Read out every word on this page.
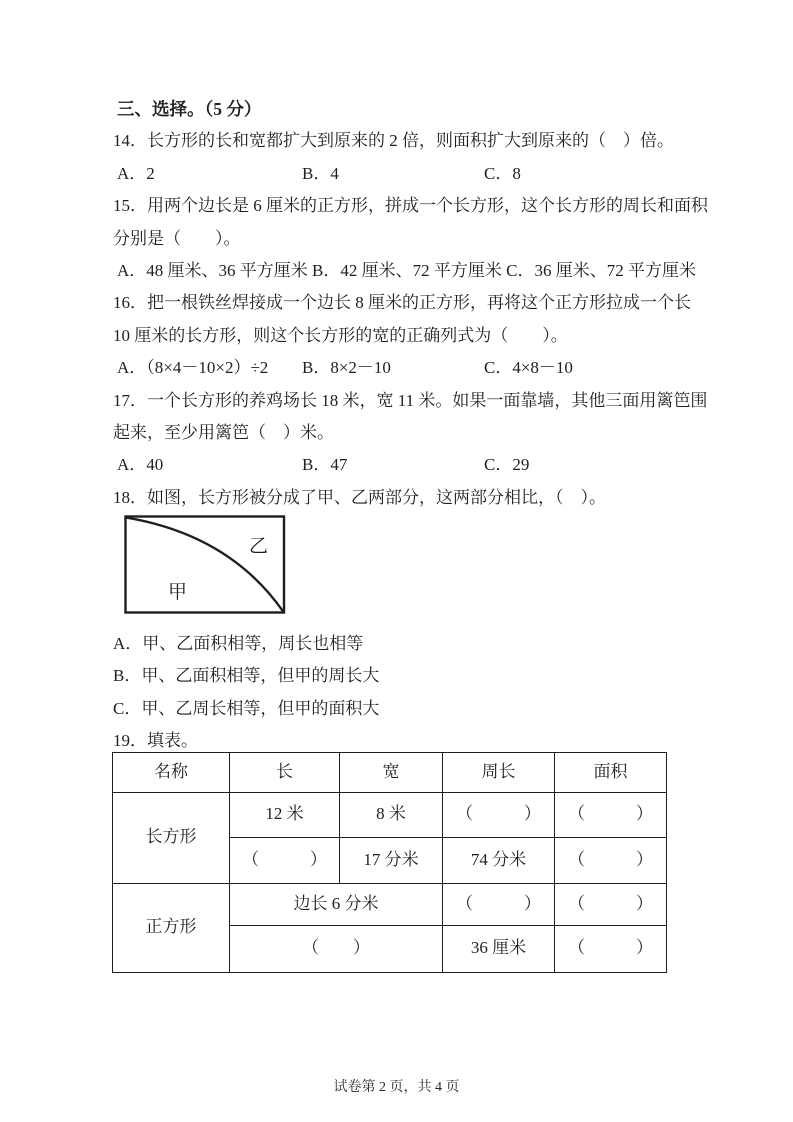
三、选择。（5 分）
14．长方形的长和宽都扩大到原来的 2 倍，则面积扩大到原来的（　）倍。
A．2	B．4	C．8
15．用两个边长是 6 厘米的正方形，拼成一个长方形，这个长方形的周长和面积
分别是（　　）。
A．48 厘米、36 平方厘米 B．42 厘米、72 平方厘米 C．36 厘米、72 平方厘米
16．把一根铁丝焊接成一个边长 8 厘米的正方形，再将这个正方形拉成一个长
10 厘米的长方形，则这个长方形的宽的正确列式为（　　）。
A．（8×4－10×2）÷2 B．8×2－10	C．4×8－10
17．一个长方形的养鸡场长 18 米，宽 11 米。如果一面靠墙，其他三面用篱笆围
起来，至少用篱笆（　）米。
A．40	B．47	C．29
18．如图，长方形被分成了甲、乙两部分，这两部分相比，（　）。
乙
甲
A．甲、乙面积相等，周长也相等
B．甲、乙面积相等，但甲的周长大
C．甲、乙周长相等，但甲的面积大
19．填表。
名称	长	宽	周长	面积
长方形	12 米	8 米	（　　　）	（　　　）
	（　　　）	17 分米	74 分米	（　　　）
正方形	边长 6 分米		（　　　）	（　　　）
	（　　）		36 厘米	（　　　）
试卷第 2 页，共 4 页
